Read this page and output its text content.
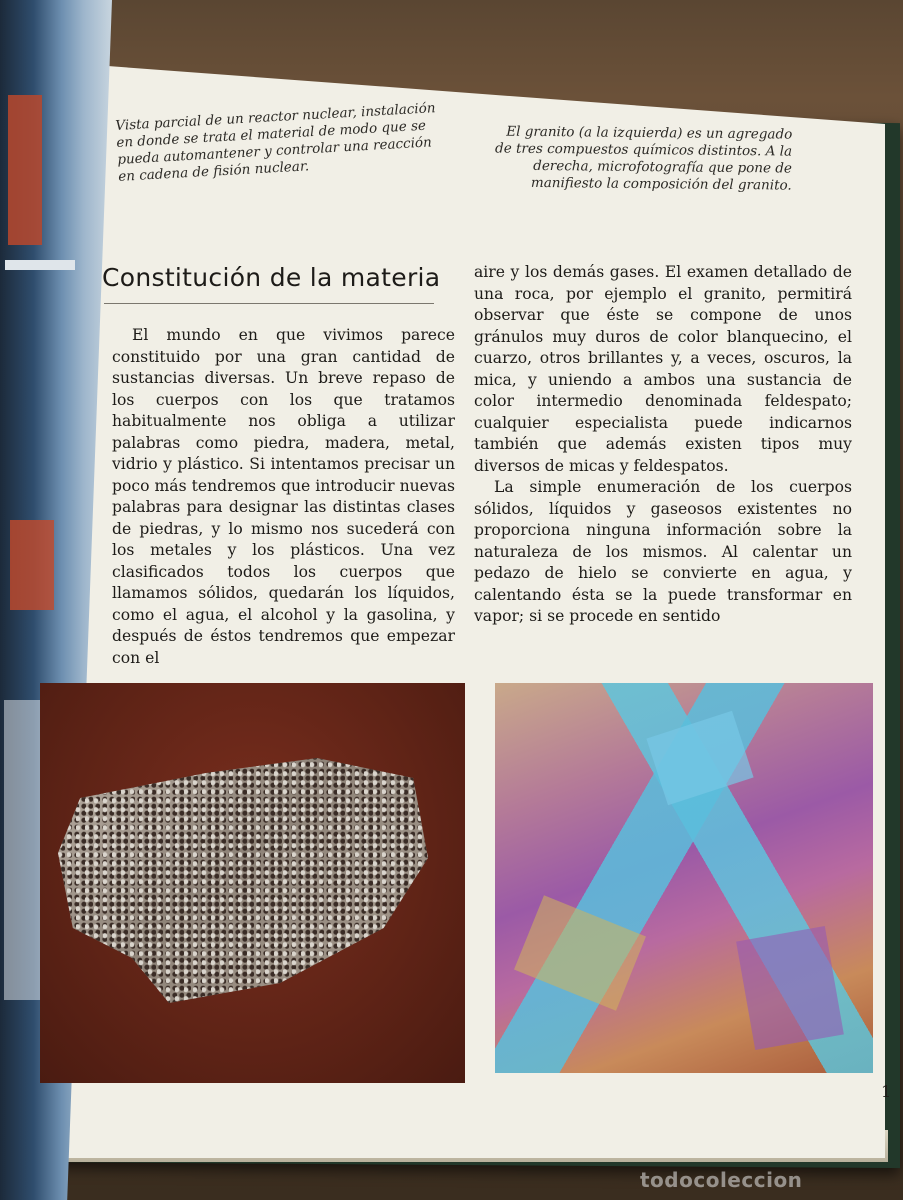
Vista parcial de un reactor nuclear, instalación en donde se trata el material de modo que se pueda automantener y controlar una reacción en cadena de fisión nuclear.

El granito (a la izquierda) es un agregado de tres compuestos químicos distintos. A la derecha, microfotografía que pone de manifiesto la composición del granito.

Constitución de la materia

El mundo en que vivimos parece constituido por una gran cantidad de sustancias diversas. Un breve repaso de los cuerpos con los que tratamos habitualmente nos obliga a utilizar palabras como piedra, madera, metal, vidrio y plástico. Si intentamos precisar un poco más tendremos que introducir nuevas palabras para designar las distintas clases de piedras, y lo mismo nos sucederá con los metales y los plásticos. Una vez clasificados todos los cuerpos que llamamos sólidos, quedarán los líquidos, como el agua, el alcohol y la gasolina, y después de éstos tendremos que empezar con el

aire y los demás gases. El examen detallado de una roca, por ejemplo el granito, permitirá observar que éste se compone de unos gránulos muy duros de color blanquecino, el cuarzo, otros brillantes y, a veces, oscuros, la mica, y uniendo a ambos una sustancia de color intermedio denominada feldespato; cualquier especialista puede indicarnos también que además existen tipos muy diversos de micas y feldespatos.

La simple enumeración de los cuerpos sólidos, líquidos y gaseosos existentes no proporciona ninguna información sobre la naturaleza de los mismos. Al calentar un pedazo de hielo se convierte en agua, y calentando ésta se la puede transformar en vapor; si se procede en sentido

1
todocoleccion
